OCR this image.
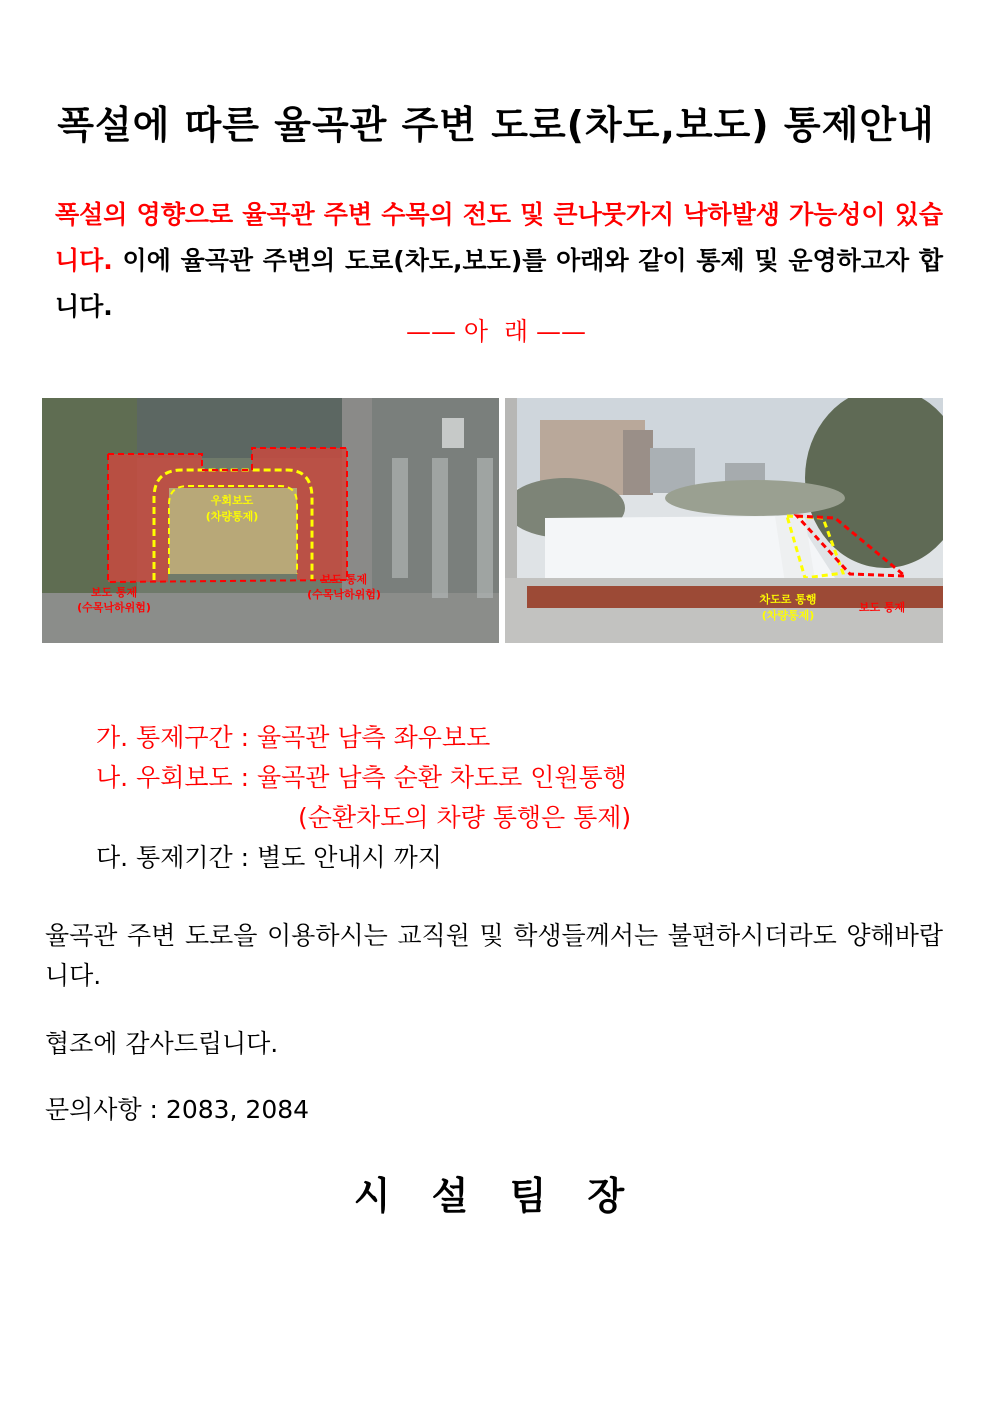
폭설에 따른 율곡관 주변 도로(차도,보도) 통제안내
폭설의 영향으로 율곡관 주변 수목의 전도 및 큰나뭇가지 낙하발생 가능성이 있습니다. 이에 율곡관 주변의 도로(차도,보도)를 아래와 같이 통제 및 운영하고자 합니다.
—— 아  래 ——
우회보도
(차량통제)
보도 통제
(수목낙하위험)
보도 통제
(수목낙하위험)	차도로 통행
(차량통제)
보도 통제
가. 통제구간 : 율곡관 남측 좌우보도
나. 우회보도 : 율곡관 남측 순환 차도로 인원통행
(순환차도의 차량 통행은 통제)
다. 통제기간 : 별도 안내시 까지
율곡관 주변 도로을 이용하시는 교직원 및 학생들께서는 불편하시더라도 양해바랍니다.
협조에 감사드립니다.
문의사항 : 2083, 2084
시 설 팀 장
